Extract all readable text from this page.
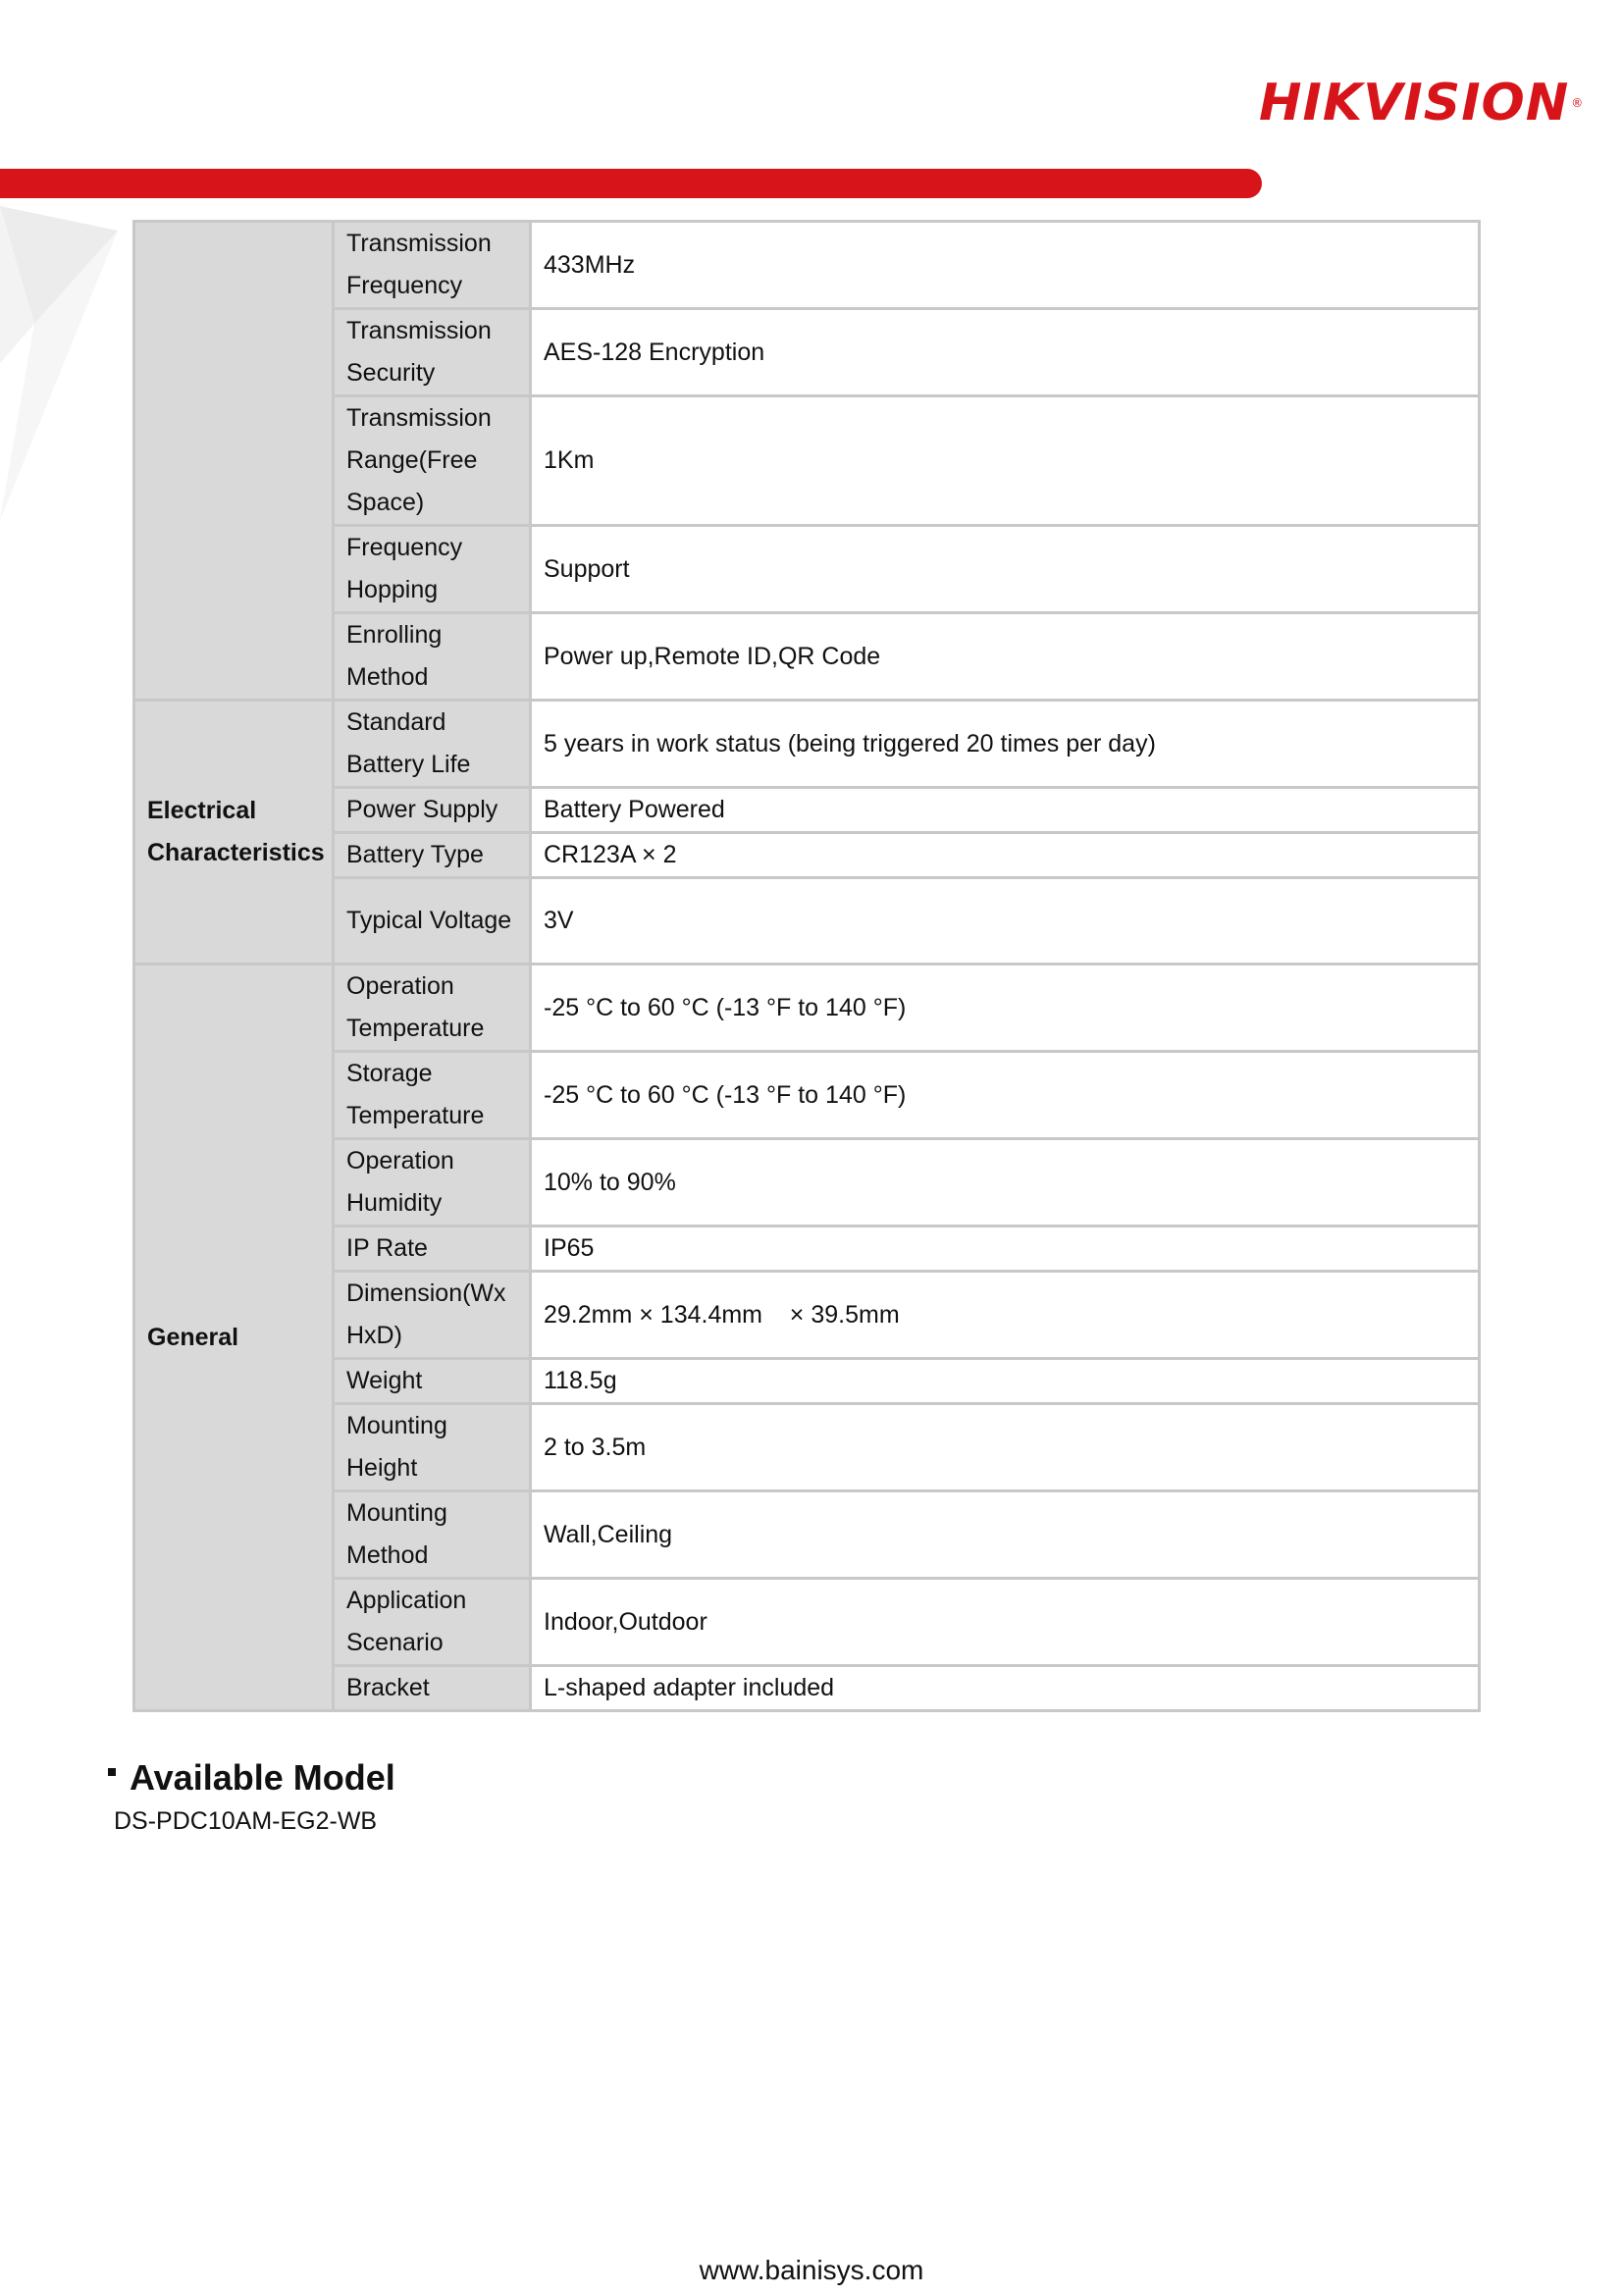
HIKVISION ®
	Transmission Frequency	433MHz
	Transmission Security	AES-128 Encryption
	Transmission Range(Free Space)	1Km
	Frequency Hopping	Support
	Enrolling Method	Power up,Remote ID,QR Code
Electrical Characteristics	Standard Battery Life	5 years in work status (being triggered 20 times per day)
	Power Supply	Battery Powered
	Battery Type	CR123A × 2
	Typical Voltage	3V
General	Operation Temperature	-25 °C to 60 °C (-13 °F to 140 °F)
	Storage Temperature	-25 °C to 60 °C (-13 °F to 140 °F)
	Operation Humidity	10% to 90%
	IP Rate	IP65
	Dimension(Wx HxD)	29.2mm × 134.4mm    × 39.5mm
	Weight	118.5g
	Mounting Height	2 to 3.5m
	Mounting Method	Wall,Ceiling
	Application Scenario	Indoor,Outdoor
	Bracket	L-shaped adapter included
Available Model
DS-PDC10AM-EG2-WB
www.bainisys.com
